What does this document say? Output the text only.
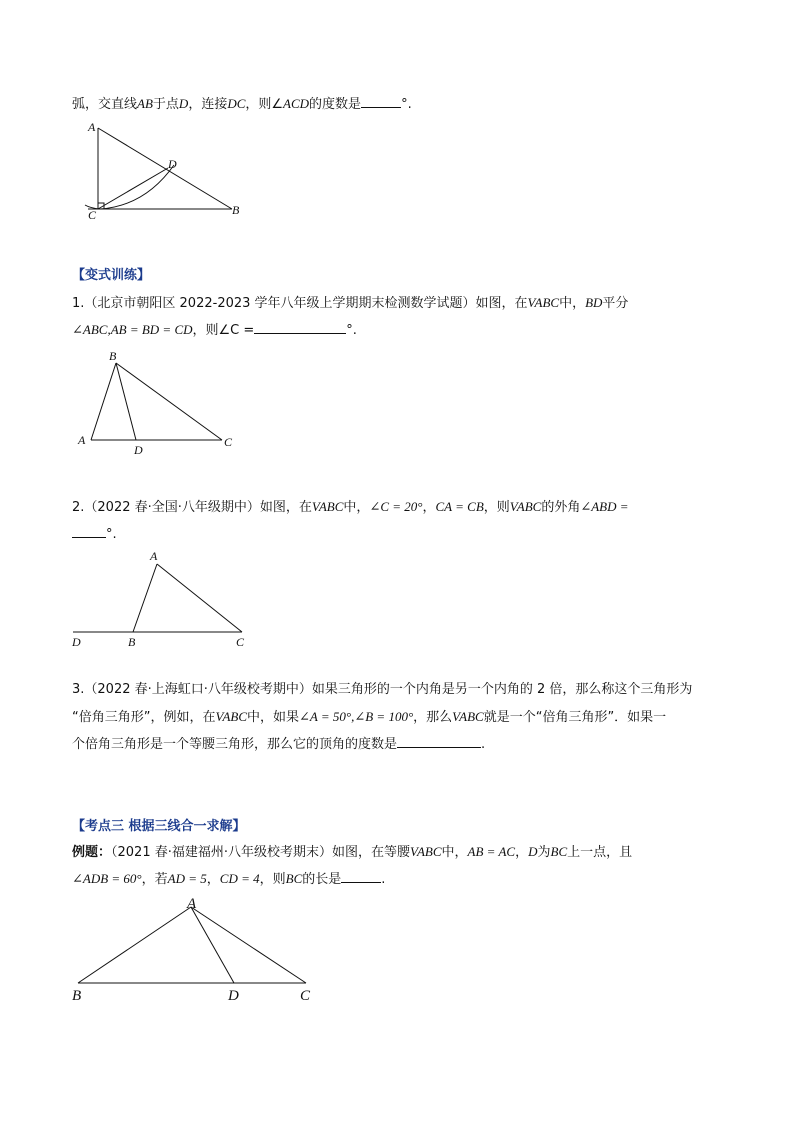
弧，交直线AB于点D，连接DC，则∠ACD的度数是	°.
A
D
C	B
【变式训练】
1.（北京市朝阳区 2022-2023 学年八年级上学期期末检测数学试题）如图，在VABC中，BD平分
∠ABC,AB = BD = CD，则∠C =	°.
B
A
D
C
2.（2022 春·全国·八年级期中）如图，在VABC中，∠C = 20°，CA = CB，则VABC的外角∠ABD =
°.
A
D	B	C
3.（2022 春·上海虹口·八年级校考期中）如果三角形的一个内角是另一个内角的 2 倍，那么称这个三角形为
“倍角三角形”，例如，在VABC中，如果∠A = 50°,∠B = 100°，那么VABC就是一个“倍角三角形”．如果一
个倍角三角形是一个等腰三角形，那么它的顶角的度数是	.
【考点三 根据三线合一求解】
例题：（2021 春·福建福州·八年级校考期末）如图，在等腰VABC中，AB = AC，D为BC上一点，且
∠ADB = 60°，若AD = 5，CD = 4，则BC的长是	.
A
B	D	C
